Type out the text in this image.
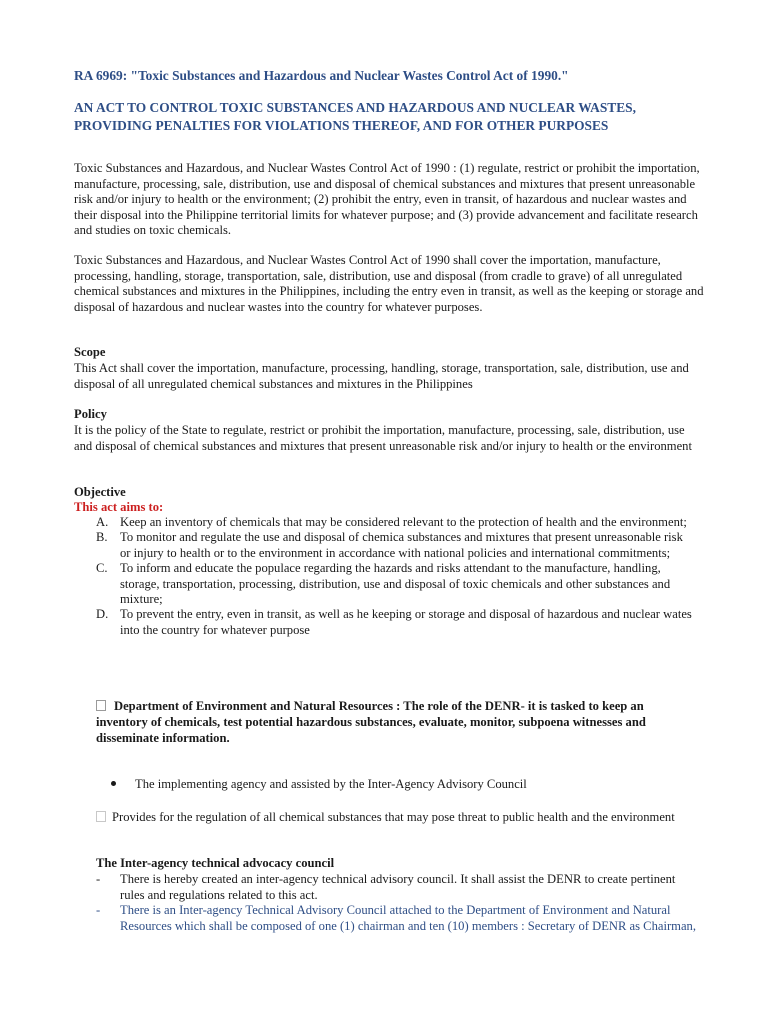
RA 6969: "Toxic Substances and Hazardous and Nuclear Wastes Control Act of 1990."
AN ACT TO CONTROL TOXIC SUBSTANCES AND HAZARDOUS AND NUCLEAR WASTES, PROVIDING PENALTIES FOR VIOLATIONS THEREOF, AND FOR OTHER PURPOSES
Toxic Substances and Hazardous, and Nuclear Wastes Control Act of 1990 : (1) regulate, restrict or prohibit the importation, manufacture, processing, sale, distribution, use and disposal of chemical substances and mixtures that present unreasonable risk and/or injury to health or the environment; (2) prohibit the entry, even in transit, of hazardous and nuclear wastes and their disposal into the Philippine territorial limits for whatever purpose; and (3) provide advancement and facilitate research and studies on toxic chemicals.
Toxic Substances and Hazardous, and Nuclear Wastes Control Act of 1990 shall cover the importation, manufacture, processing, handling, storage, transportation, sale, distribution, use and disposal (from cradle to grave) of all unregulated chemical substances and mixtures in the Philippines, including the entry even in transit, as well as the keeping or storage and disposal of hazardous and nuclear wastes into the country for whatever purposes.
Scope
This Act shall cover the importation, manufacture, processing, handling, storage, transportation, sale, distribution, use and disposal of all unregulated chemical substances and mixtures in the Philippines
Policy
It is the policy of the State to regulate, restrict or prohibit the importation, manufacture, processing, sale, distribution, use and disposal of chemical substances and mixtures that present unreasonable risk and/or injury to health or the environment
Objective
This act aims to:
A. Keep an inventory of chemicals that may be considered relevant to the protection of health and the environment;
B. To monitor and regulate the use and disposal of chemica substances and mixtures that present unreasonable risk or injury to health or to the environment in accordance with national policies and international commitments;
C. To inform and educate the populace regarding the hazards and risks attendant to the manufacture, handling, storage, transportation, processing, distribution, use and disposal of toxic chemicals and other substances and mixture;
D. To prevent the entry, even in transit, as well as he keeping or storage and disposal of hazardous and nuclear wates into the country for whatever purpose
Department of Environment and Natural Resources : The role of the DENR- it is tasked to keep an inventory of chemicals, test potential hazardous substances, evaluate, monitor, subpoena witnesses and disseminate information.
The implementing agency and assisted by the Inter-Agency Advisory Council
Provides for the regulation of all chemical substances that may pose threat to public health and the environment
The Inter-agency technical advocacy council
- There is hereby created an inter-agency technical advisory council. It shall assist the DENR to create pertinent rules and regulations related to this act.
- There is an Inter-agency Technical Advisory Council attached to the Department of Environment and Natural Resources which shall be composed of one (1) chairman and ten (10) members : Secretary of DENR as Chairman,
